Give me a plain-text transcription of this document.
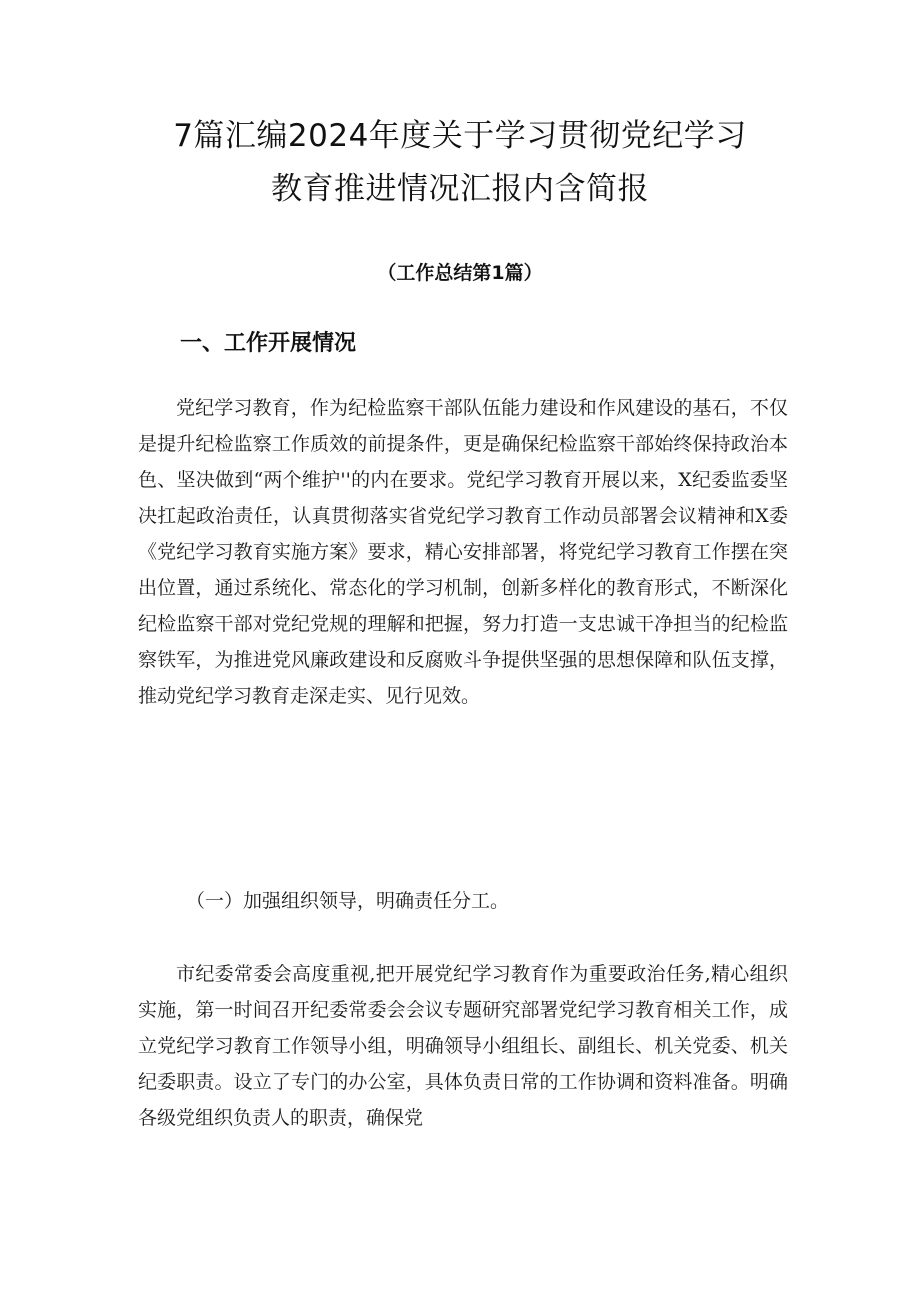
7篇汇编2024年度关于学习贯彻党纪学习
教育推进情况汇报内含简报
（工作总结第1篇）
一、工作开展情况

党纪学习教育，作为纪检监察干部队伍能力建设和作风建设的基石，不仅是提升纪检监察工作质效的前提条件，更是确保纪检监察干部始终保持政治本色、坚决做到“两个维护''的内在要求。党纪学习教育开展以来，X纪委监委坚决扛起政治责任，认真贯彻落实省党纪学习教育工作动员部署会议精神和X委《党纪学习教育实施方案》要求，精心安排部署，将党纪学习教育工作摆在突出位置，通过系统化、常态化的学习机制，创新多样化的教育形式，不断深化纪检监察干部对党纪党规的理解和把握，努力打造一支忠诚干净担当的纪检监察铁军，为推进党风廉政建设和反腐败斗争提供坚强的思想保障和队伍支撑，推动党纪学习教育走深走实、见行见效。

（一）加强组织领导，明确责任分工。

市纪委常委会高度重视,把开展党纪学习教育作为重要政治任务,精心组织实施，第一时间召开纪委常委会会议专题研究部署党纪学习教育相关工作，成立党纪学习教育工作领导小组，明确领导小组组长、副组长、机关党委、机关纪委职责。设立了专门的办公室，具体负责日常的工作协调和资料准备。明确各级党组织负责人的职责，确保党
